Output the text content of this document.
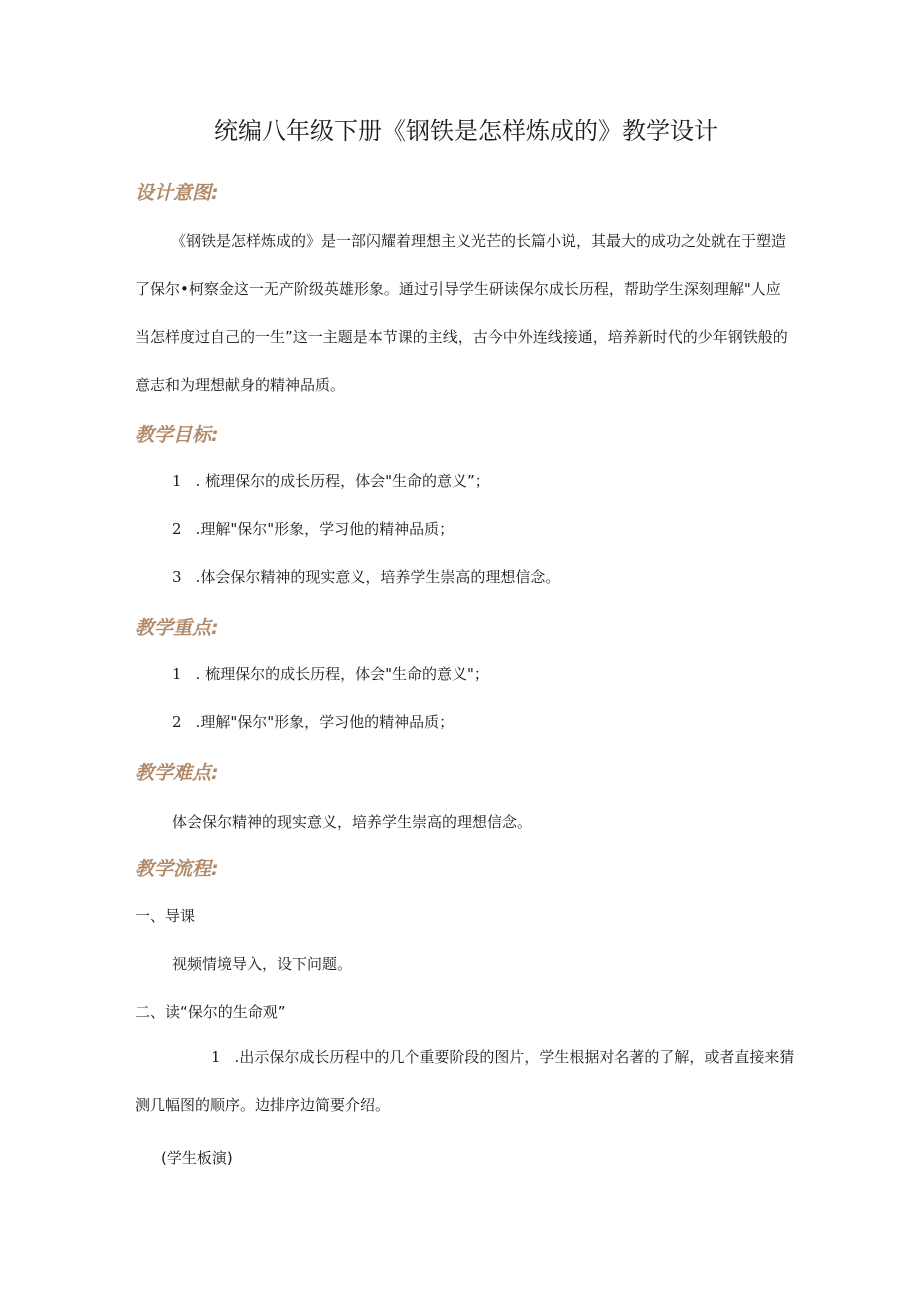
统编八年级下册《钢铁是怎样炼成的》教学设计
设计意图:

《钢铁是怎样炼成的》是一部闪耀着理想主义光芒的长篇小说，其最大的成功之处就在于塑造了保尔•柯察金这一无产阶级英雄形象。通过引导学生研读保尔成长历程，帮助学生深刻理解"人应当怎样度过自己的一生”这一主题是本节课的主线，古今中外连线接通，培养新时代的少年钢铁般的意志和为理想献身的精神品质。

教学目标:

1 . 梳理保尔的成长历程，体会"生命的意义”；

2 .理解"保尔"形象，学习他的精神品质；

3 .体会保尔精神的现实意义，培养学生崇高的理想信念。

教学重点:

1 . 梳理保尔的成长历程，体会"生命的意义"；

2 .理解"保尔"形象，学习他的精神品质；

教学难点:

体会保尔精神的现实意义，培养学生崇高的理想信念。

教学流程:

一、导课

视频情境导入，设下问题。

二、读“保尔的生命观”

1 .出示保尔成长历程中的几个重要阶段的图片，学生根据对名著的了解，或者直接来猜测几幅图的顺序。边排序边简要介绍。

(学生板演)
